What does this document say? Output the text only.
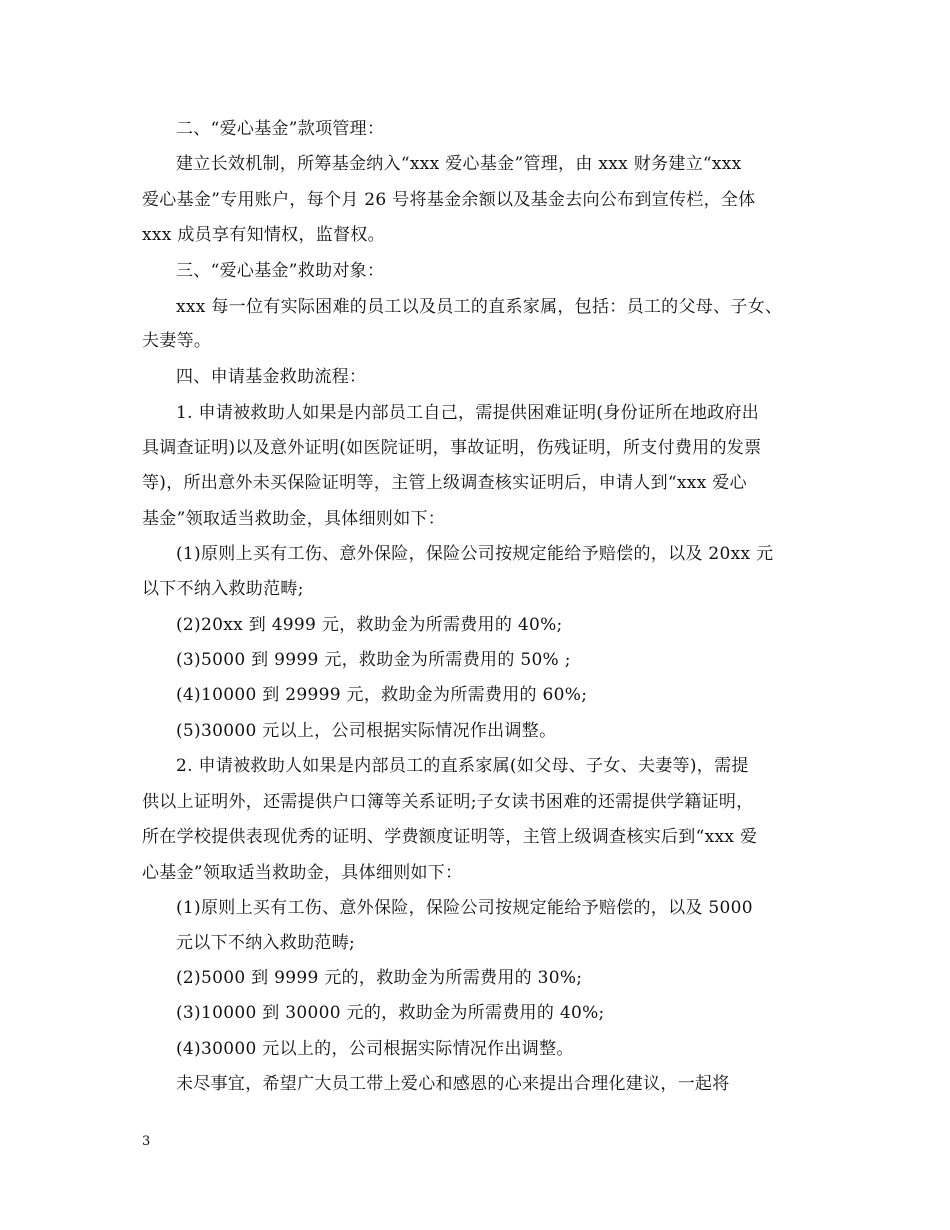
二、“爱心基金”款项管理：
建立长效机制，所筹基金纳入“xxx 爱心基金”管理，由 xxx 财务建立“xxx
爱心基金”专用账户，每个月 26 号将基金余额以及基金去向公布到宣传栏，全体
xxx 成员享有知情权，监督权。
三、“爱心基金”救助对象：
xxx 每一位有实际困难的员工以及员工的直系家属，包括：员工的父母、子女、
夫妻等。
四、申请基金救助流程：
1. 申请被救助人如果是内部员工自己，需提供困难证明(身份证所在地政府出
具调查证明)以及意外证明(如医院证明，事故证明，伤残证明，所支付费用的发票
等)，所出意外未买保险证明等，主管上级调查核实证明后，申请人到“xxx 爱心
基金”领取适当救助金，具体细则如下：
(1)原则上买有工伤、意外保险，保险公司按规定能给予赔偿的，以及 20xx 元
以下不纳入救助范畴;
(2)20xx 到 4999 元，救助金为所需费用的 40%;
(3)5000 到 9999 元，救助金为所需费用的 50% ;
(4)10000 到 29999 元，救助金为所需费用的 60%;
(5)30000 元以上，公司根据实际情况作出调整。
2. 申请被救助人如果是内部员工的直系家属(如父母、子女、夫妻等)，需提
供以上证明外，还需提供户口簿等关系证明;子女读书困难的还需提供学籍证明，
所在学校提供表现优秀的证明、学费额度证明等，主管上级调查核实后到“xxx 爱
心基金”领取适当救助金，具体细则如下：
(1)原则上买有工伤、意外保险，保险公司按规定能给予赔偿的，以及 5000
元以下不纳入救助范畴;
(2)5000 到 9999 元的，救助金为所需费用的 30%;
(3)10000 到 30000 元的，救助金为所需费用的 40%;
(4)30000 元以上的，公司根据实际情况作出调整。
未尽事宜，希望广大员工带上爱心和感恩的心来提出合理化建议，一起将
3
